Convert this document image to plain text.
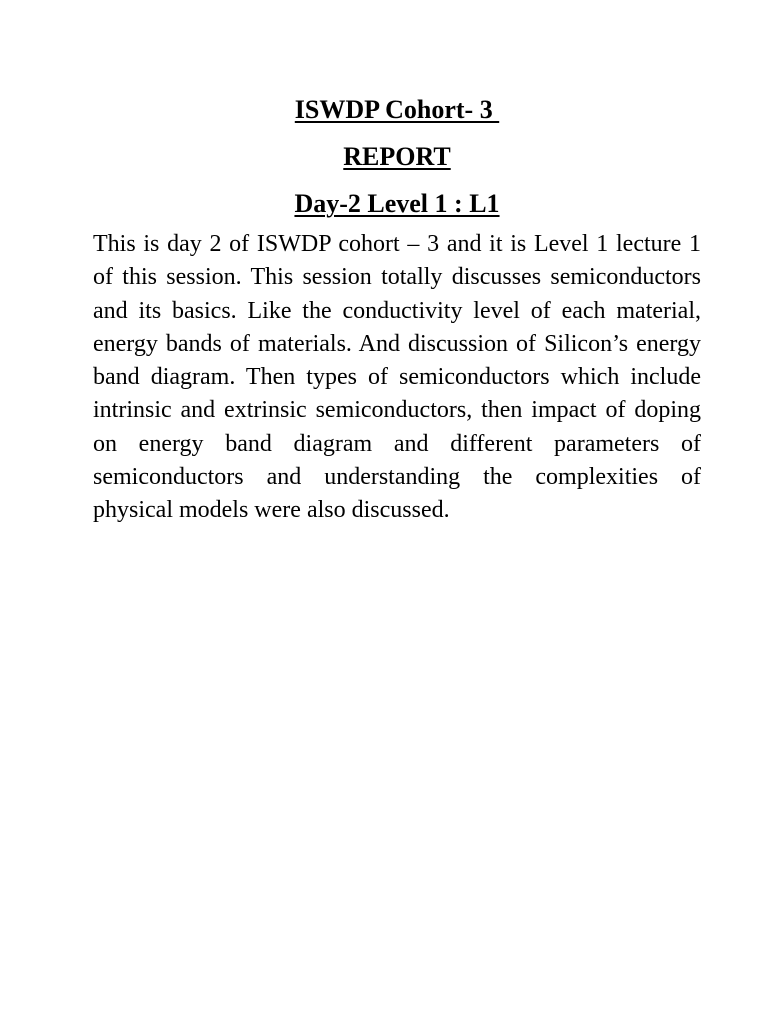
ISWDP Cohort- 3

REPORT

Day-2 Level 1 : L1

This is day 2 of ISWDP cohort – 3 and it is Level 1 lecture 1 of this session. This session totally discusses semiconductors and its basics. Like the conductivity level of each material, energy bands of materials. And discussion of Silicon’s energy band diagram. Then types of semiconductors which include intrinsic and extrinsic semiconductors, then impact of doping on energy band diagram and different parameters of semiconductors and understanding the complexities of physical models were also discussed.
